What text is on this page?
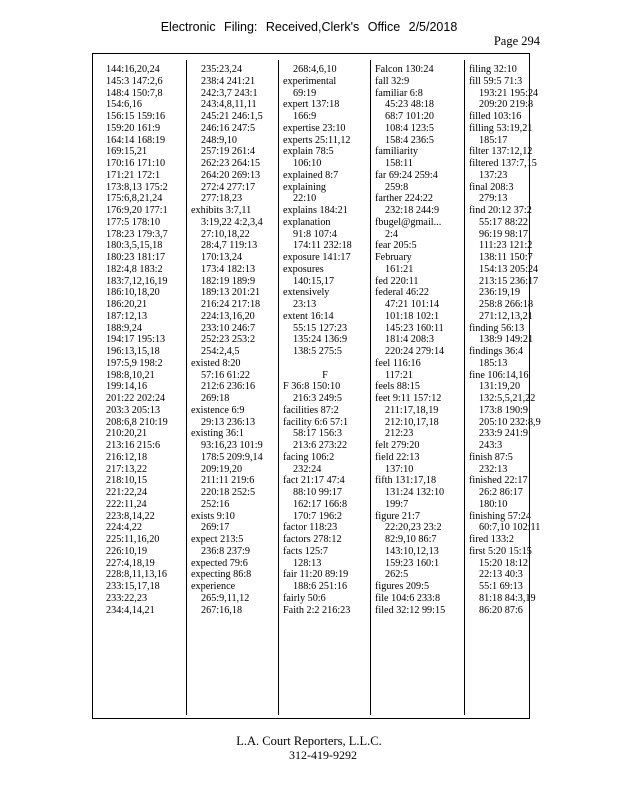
Electronic Filing: Received,Clerk's Office 2/5/2018
Page 294
144:16,20,24
145:3 147:2,6
148:4 150:7,8
154:6,16
156:15 159:16
159:20 161:9
164:14 168:19
169:15,21
170:16 171:10
171:21 172:1
173:8,13 175:2
175:6,8,21,24
176:9,20 177:1
177:5 178:10
178:23 179:3,7
180:3,5,15,18
180:23 181:17
182:4,8 183:2
183:7,12,16,19
186:10,18,20
186:20,21
187:12,13
188:9,24
194:17 195:13
196:13,15,18
197:5,9 198:2
198:8,10,21
199:14,16
201:22 202:24
203:3 205:13
208:6,8 210:19
210:20,21
213:16 215:6
216:12,18
217:13,22
218:10,15
221:22,24
222:11,24
223:8,14,22
224:4,22
225:11,16,20
226:10,19
227:4,18,19
228:8,11,13,16
233:15,17,18
233:22,23
234:4,14,21
235:23,24
238:4 241:21
242:3,7 243:1
243:4,8,11,11
245:21 246:1,5
246:16 247:5
248:9,10
257:19 261:4
262:23 264:15
264:20 269:13
272:4 277:17
277:18,23
exhibits 3:7,11
3:19,22 4:2,3,4
27:10,18,22
28:4,7 119:13
170:13,24
173:4 182:13
182:19 189:9
189:13 201:21
216:24 217:18
224:13,16,20
233:10 246:7
252:23 253:2
254:2,4,5
existed 8:20
57:16 61:22
212:6 236:16
269:18
existence 6:9
29:13 236:13
existing 36:1
93:16,23 101:9
178:5 209:9,14
209:19,20
211:11 219:6
220:18 252:5
252:16
exists 9:10
269:17
expect 213:5
236:8 237:9
expected 79:6
expecting 86:8
experience
265:9,11,12
267:16,18
268:4,6,10
experimental
69:19
expert 137:18
166:9
expertise 23:10
experts 25:11,12
explain 78:5
106:10
explained 8:7
explaining
22:10
explains 184:21
explanation
91:8 107:4
174:11 232:18
exposure 141:17
exposures
140:15,17
extensively
23:13
extent 16:14
55:15 127:23
135:24 136:9
138:5 275:5
F
F 36:8 150:10
216:3 249:5
facilities 87:2
facility 6:6 57:1
58:17 156:3
213:6 273:22
facing 106:2
232:24
fact 21:17 47:4
88:10 99:17
162:17 166:8
170:7 196:2
factor 118:23
factors 278:12
facts 125:7
128:13
fair 11:20 89:19
188:6 251:16
fairly 50:6
Faith 2:2 216:23
Falcon 130:24
fall 32:9
familiar 6:8
45:23 48:18
68:7 101:20
108:4 123:5
158:4 236:5
familiarity
158:11
far 69:24 259:4
259:8
farther 224:22
232:18 244:9
fbugel@gmail...
2:4
fear 205:5
February
161:21
fed 220:11
federal 46:22
47:21 101:14
101:18 102:1
145:23 160:11
181:4 208:3
220:24 279:14
feel 116:16
117:21
feels 88:15
feet 9:11 157:12
211:17,18,19
212:10,17,18
212:23
felt 279:20
field 22:13
137:10
fifth 131:17,18
131:24 132:10
199:7
figure 21:7
22:20,23 23:2
82:9,10 86:7
143:10,12,13
159:23 160:1
262:5
figures 209:5
file 104:6 233:8
filed 32:12 99:15
filing 32:10
fill 59:5 71:3
193:21 195:24
209:20 219:8
filled 103:16
filling 53:19,21
185:17
filter 137:12,12
filtered 137:7,15
137:23
final 208:3
279:13
find 20:12 37:2
55:17 88:22
96:19 98:17
111:23 121:2
138:11 150:7
154:13 205:24
213:15 236:17
236:19,19
258:8 266:18
271:12,13,21
finding 56:13
138:9 149:21
findings 36:4
185:13
fine 106:14,16
131:19,20
132:5,5,21,22
173:8 190:9
205:10 232:8,9
233:9 241:9
243:3
finish 87:5
232:13
finished 22:17
26:2 86:17
180:10
finishing 57:24
60:7,10 102:11
fired 133:2
first 5:20 15:15
15:20 18:12
22:13 40:3
55:1 69:13
81:18 84:3,19
86:20 87:6
L.A. Court Reporters, L.L.C.
312-419-9292
